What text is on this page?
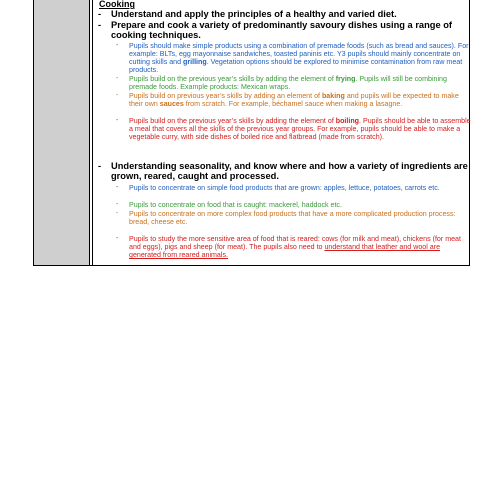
Cooking
- Understand and apply the principles of a healthy and varied diet.
- Prepare and cook a variety of predominantly savoury dishes using a range of cooking techniques.
- Pupils should make simple products using a combination of premade foods (such as bread and sauces). For example: BLTs, egg mayonnaise sandwiches, toasted paninis etc. Y3 pupils should mainly concentrate on cutting skills and grilling. Vegetation options should be explored to minimise contamination from raw meat products.
- Pupils build on the previous year’s skills by adding the element of frying. Pupils will still be combining premade foods. Example products: Mexican wraps.
- Pupils build on previous year’s skills by adding an element of baking and pupils will be expected to make their own sauces from scratch. For example, béchamel sauce when making a lasagne.
- Pupils build on the previous year’s skills by adding the element of boiling. Pupils should be able to assemble a meal that covers all the skills of the previous year groups. For example, pupils should be able to make a vegetable curry, with side dishes of boiled rice and flatbread (made from scratch).
- Understanding seasonality, and know where and how a variety of ingredients are grown, reared, caught and processed.
- Pupils to concentrate on simple food products that are grown: apples, lettuce, potatoes, carrots etc.
- Pupils to concentrate on food that is caught: mackerel, haddock etc.
- Pupils to concentrate on more complex food products that have a more complicated production process: bread, cheese etc.
- Pupils to study the more sensitive area of food that is reared: cows (for milk and meat), chickens (for meat and eggs), pigs and sheep (for meat). The pupils also need to understand that leather and wool are generated from reared animals.
